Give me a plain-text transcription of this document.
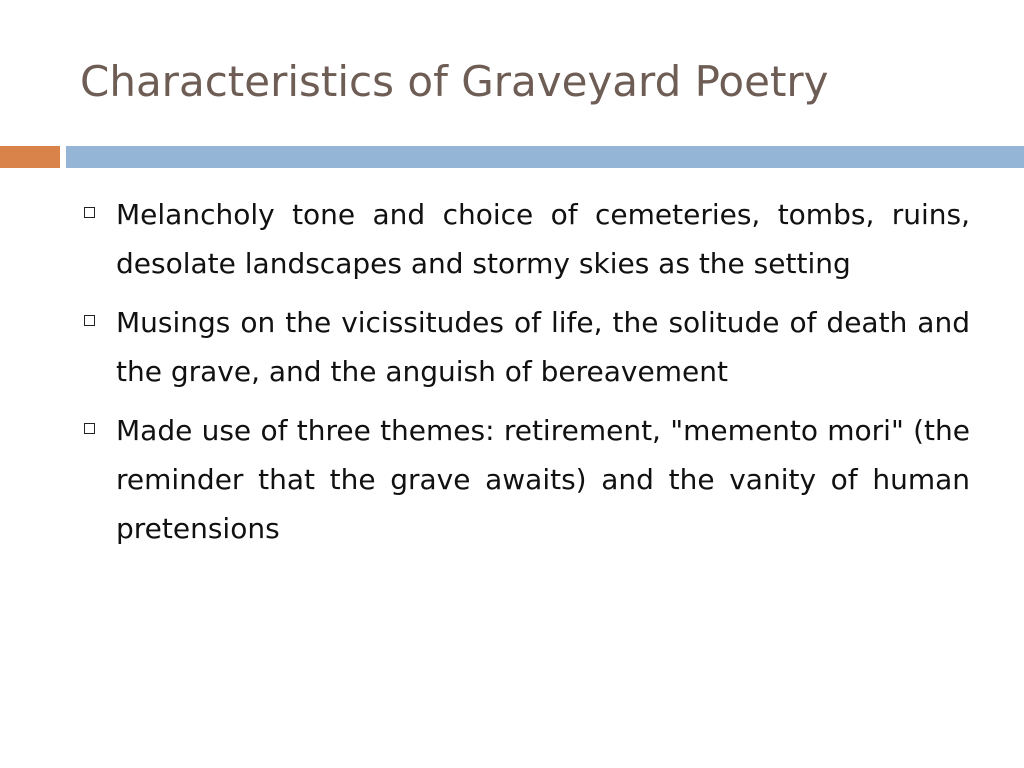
Characteristics of Graveyard Poetry
Melancholy tone and choice of cemeteries, tombs, ruins, desolate landscapes and stormy skies as the setting
Musings on the vicissitudes of life, the solitude of death and the grave, and the anguish of bereavement
Made use of three themes: retirement, "memento mori" (the reminder that the grave awaits) and the vanity of human pretensions
